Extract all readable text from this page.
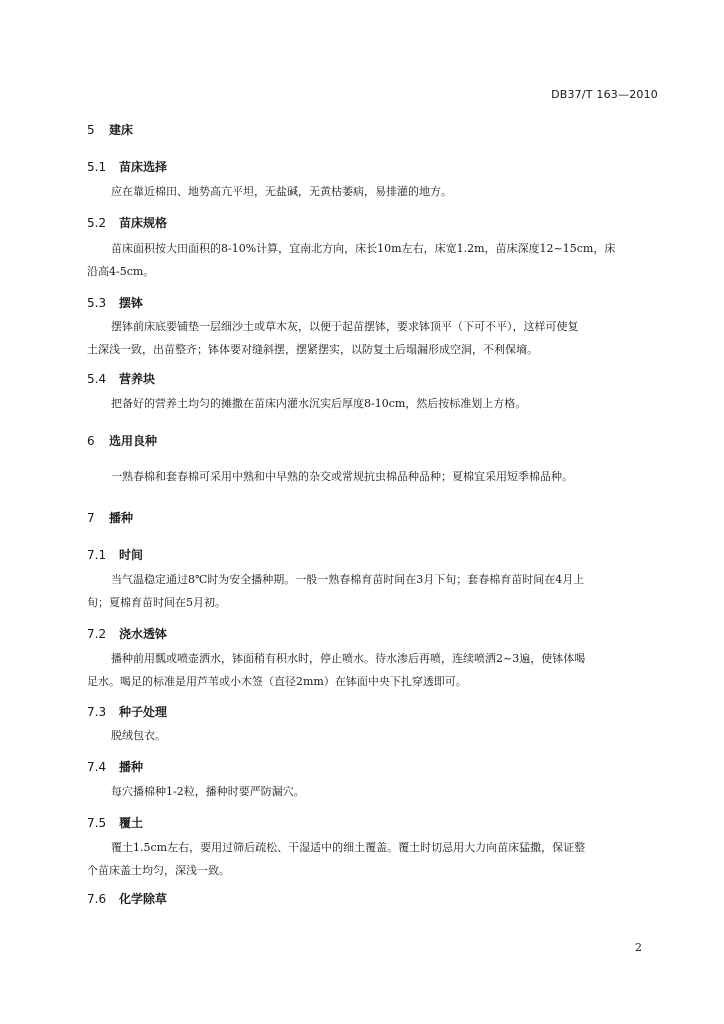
DB37/T 163—2010
5 建床
5.1 苗床选择
应在靠近棉田、地势高亢平坦，无盐碱，无黄枯萎病，易排灌的地方。
5.2 苗床规格
苗床面积按大田面积的8-10%计算，宜南北方向，床长10m左右，床宽1.2m，苗床深度12~15cm，床
沿高4-5cm。
5.3 摆钵
摆钵前床底要铺垫一层细沙土或草木灰，以便于起苗摆钵，要求钵顶平（下可不平），这样可使复
土深浅一致，出苗整齐；钵体要对缝斜摆，摆紧摆实，以防复土后塌漏形成空洞，不利保墒。
5.4 营养块
把备好的营养土均匀的摊撒在苗床内灌水沉实后厚度8-10cm，然后按标准划上方格。
6 选用良种
一熟春棉和套春棉可采用中熟和中早熟的杂交或常规抗虫棉品种品种；夏棉宜采用短季棉品种。
7 播种
7.1 时间
当气温稳定通过8℃时为安全播种期。一般一熟春棉育苗时间在3月下旬；套春棉育苗时间在4月上
旬；夏棉育苗时间在5月初。
7.2 浇水透钵
播种前用瓢或喷壶洒水，钵面稍有积水时，停止喷水。待水渗后再喷，连续喷洒2~3遍，使钵体喝
足水。喝足的标准是用芦苇或小木签（直径2mm）在钵面中央下扎穿透即可。
7.3 种子处理
脱绒包衣。
7.4 播种
每穴播棉种1-2粒，播种时要严防漏穴。
7.5 覆土
覆土1.5cm左右，要用过筛后疏松、干湿适中的细土覆盖。覆土时切忌用大力向苗床猛撒，保证整
个苗床盖土均匀，深浅一致。
7.6 化学除草
2
